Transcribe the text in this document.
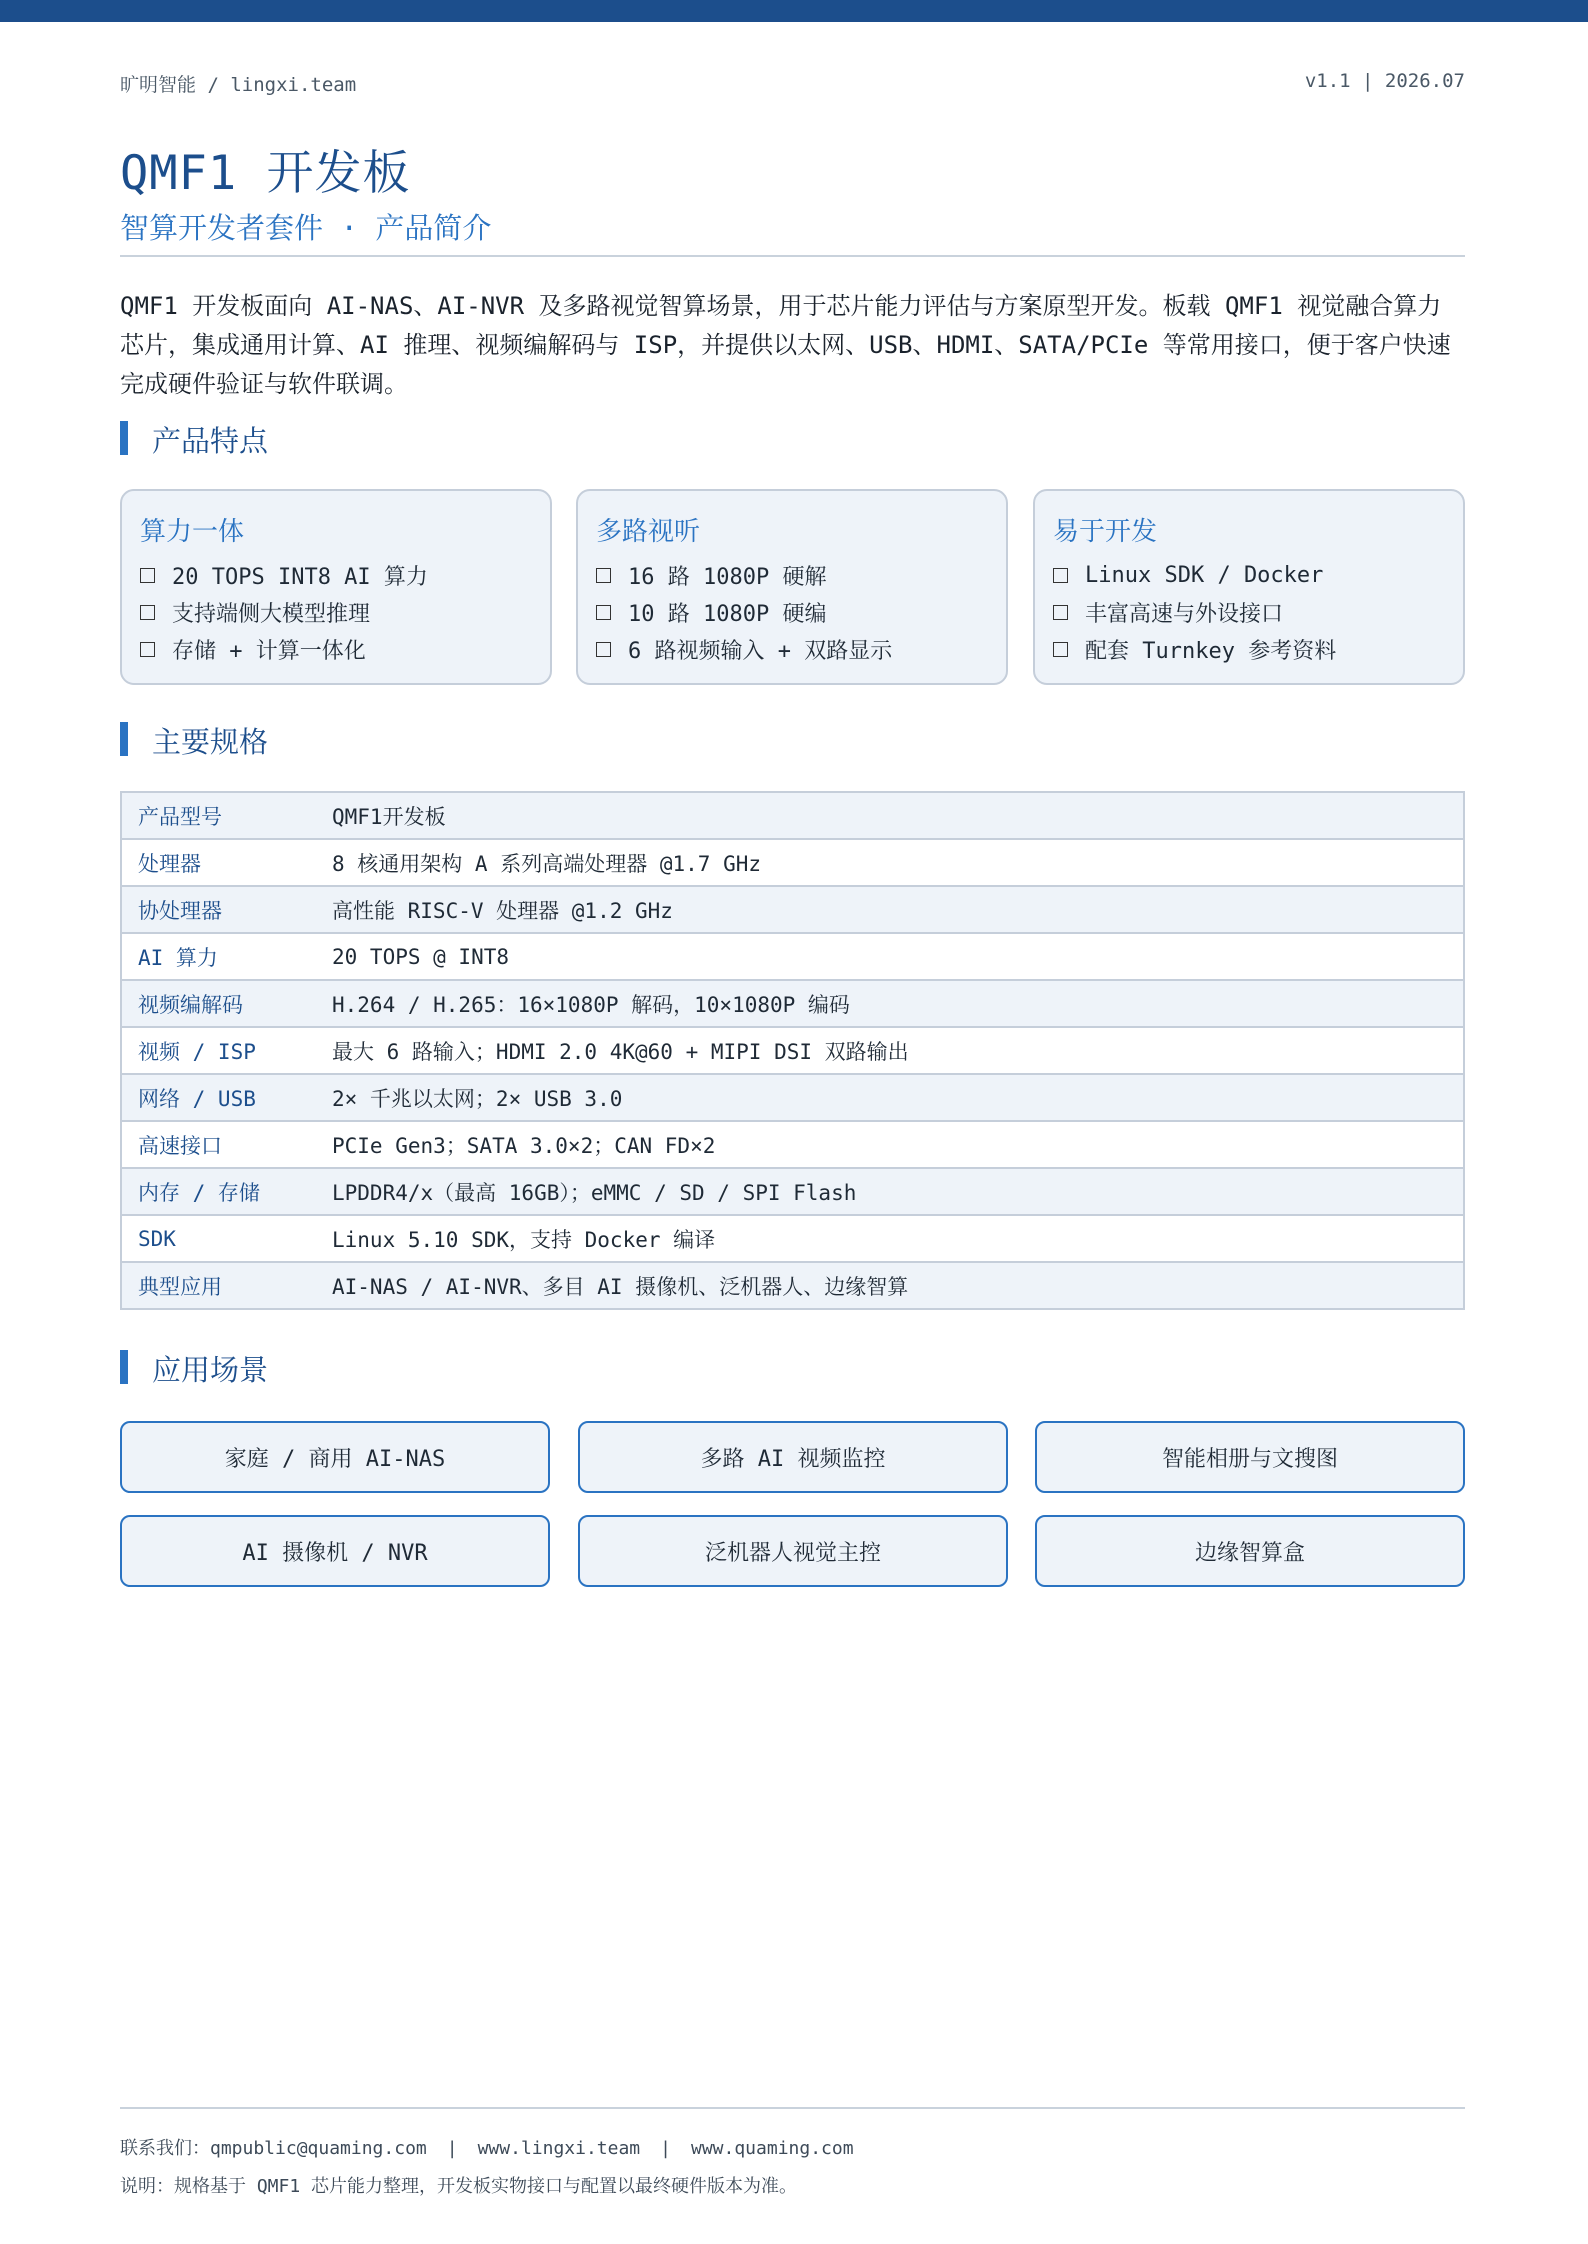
旷明智能 / lingxi.team	v1.1 | 2026.07
QMF1 开发板
智算开发者套件 · 产品简介
QMF1 开发板面向 AI-NAS、AI-NVR 及多路视觉智算场景，用于芯片能力评估与方案原型开发。板载 QMF1 视觉融合算力芯片，集成通用计算、AI 推理、视频编解码与 ISP，并提供以太网、USB、HDMI、SATA/PCIe 等常用接口，便于客户快速完成硬件验证与软件联调。
产品特点
算力一体
20 TOPS INT8 AI 算力
支持端侧大模型推理
存储 + 计算一体化
多路视听
16 路 1080P 硬解
10 路 1080P 硬编
6 路视频输入 + 双路显示
易于开发
Linux SDK / Docker
丰富高速与外设接口
配套 Turnkey 参考资料
主要规格
产品型号	QMF1开发板
处理器	8 核通用架构 A 系列高端处理器 @1.7 GHz
协处理器	高性能 RISC-V 处理器 @1.2 GHz
AI 算力	20 TOPS @ INT8
视频编解码	H.264 / H.265：16×1080P 解码，10×1080P 编码
视频 / ISP	最大 6 路输入；HDMI 2.0 4K@60 + MIPI DSI 双路输出
网络 / USB	2× 千兆以太网；2× USB 3.0
高速接口	PCIe Gen3；SATA 3.0×2；CAN FD×2
内存 / 存储	LPDDR4/x（最高 16GB）；eMMC / SD / SPI Flash
SDK	Linux 5.10 SDK，支持 Docker 编译
典型应用	AI-NAS / AI-NVR、多目 AI 摄像机、泛机器人、边缘智算
应用场景
家庭 / 商用 AI-NAS	多路 AI 视频监控	智能相册与文搜图
AI 摄像机 / NVR	泛机器人视觉主控	边缘智算盒
联系我们：qmpublic@quaming.com | www.lingxi.team | www.quaming.com
说明：规格基于 QMF1 芯片能力整理，开发板实物接口与配置以最终硬件版本为准。
